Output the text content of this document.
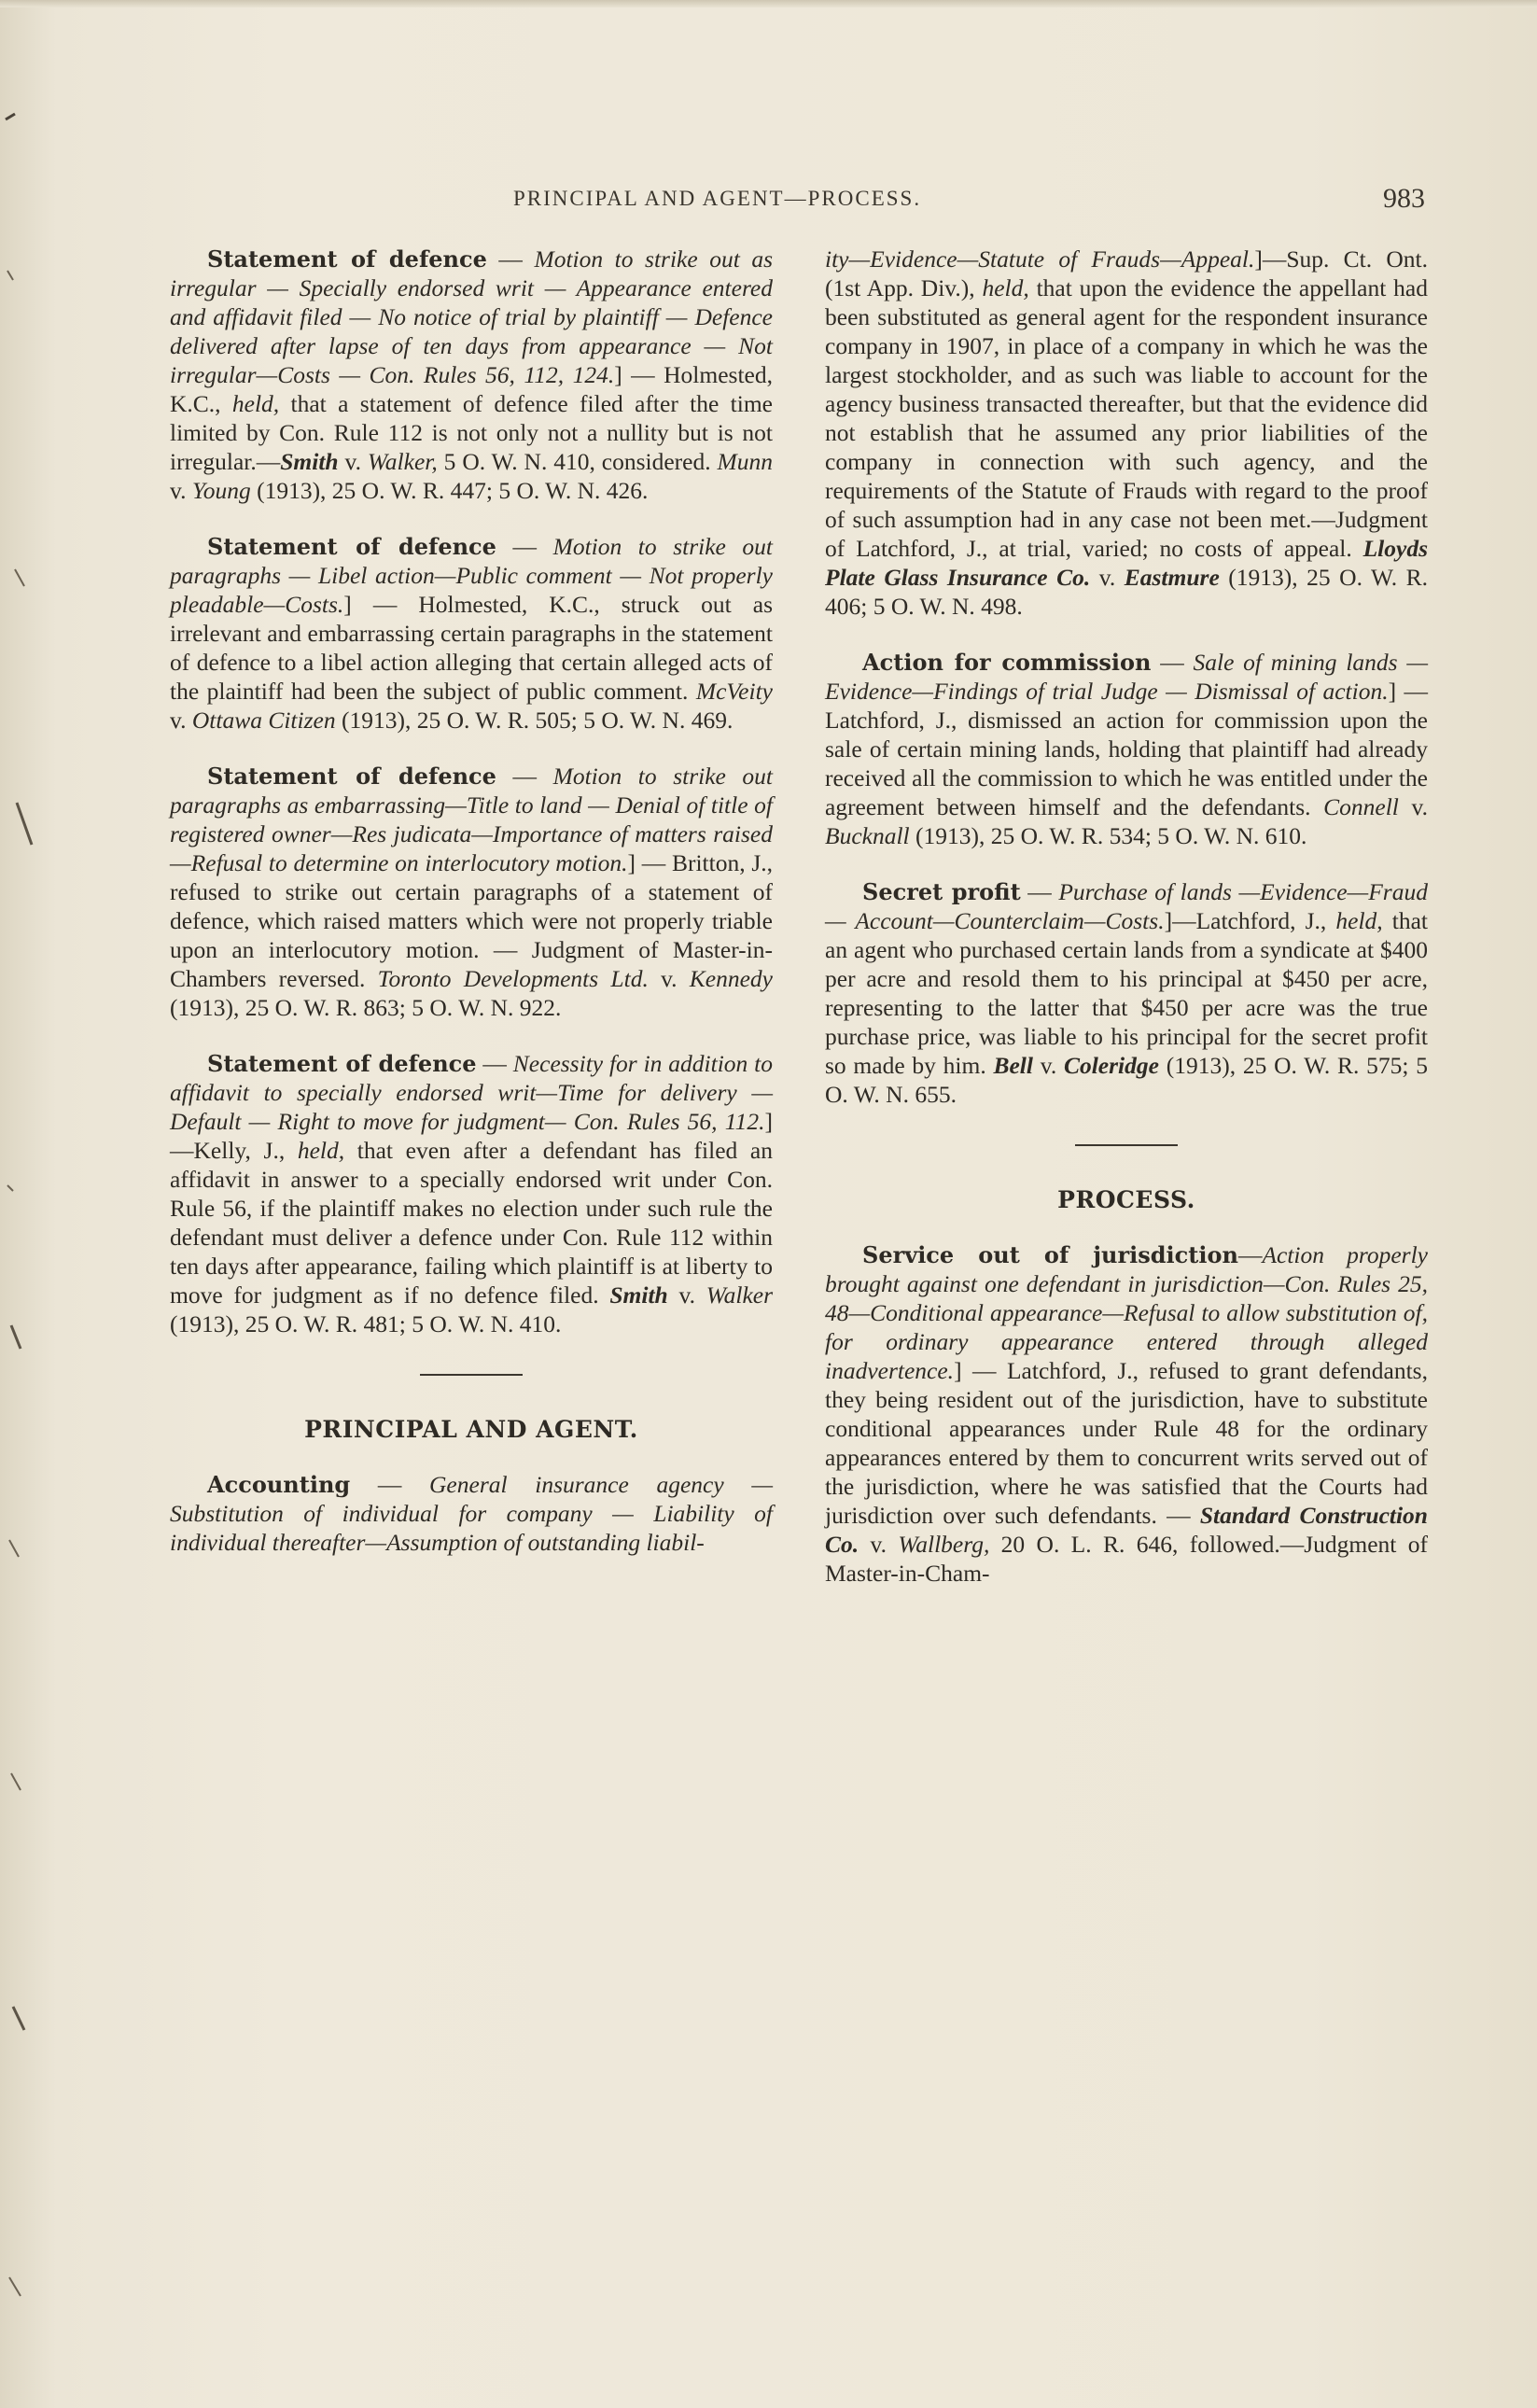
PRINCIPAL AND AGENT—PROCESS.	983

Statement of defence — Motion to strike out as irregular — Specially endorsed writ — Appearance entered and affidavit filed — No notice of trial by plaintiff — Defence delivered after lapse of ten days from appearance — Not irregular—Costs — Con. Rules 56, 112, 124.] — Holmested, K.C., held, that a statement of defence filed after the time limited by Con. Rule 112 is not only not a nullity but is not irregular.—Smith v. Walker, 5 O. W. N. 410, considered. Munn v. Young (1913), 25 O. W. R. 447; 5 O. W. N. 426.

Statement of defence — Motion to strike out paragraphs — Libel action—Public comment — Not properly pleadable—Costs.] — Holmested, K.C., struck out as irrelevant and embarrassing certain paragraphs in the statement of defence to a libel action alleging that certain alleged acts of the plaintiff had been the subject of public comment. McVeity v. Ottawa Citizen (1913), 25 O. W. R. 505; 5 O. W. N. 469.

Statement of defence — Motion to strike out paragraphs as embarrassing—Title to land — Denial of title of registered owner—Res judicata—Importance of matters raised—Refusal to determine on interlocutory motion.] — Britton, J., refused to strike out certain paragraphs of a statement of defence, which raised matters which were not properly triable upon an interlocutory motion. — Judgment of Master-in-Chambers reversed. Toronto Developments Ltd. v. Kennedy (1913), 25 O. W. R. 863; 5 O. W. N. 922.

Statement of defence — Necessity for in addition to affidavit to specially endorsed writ—Time for delivery — Default — Right to move for judgment— Con. Rules 56, 112.]—Kelly, J., held, that even after a defendant has filed an affidavit in answer to a specially endorsed writ under Con. Rule 56, if the plaintiff makes no election under such rule the defendant must deliver a defence under Con. Rule 112 within ten days after appearance, failing which plaintiff is at liberty to move for judgment as if no defence filed. Smith v. Walker (1913), 25 O. W. R. 481; 5 O. W. N. 410.

PRINCIPAL AND AGENT.

Accounting — General insurance agency — Substitution of individual for company — Liability of individual thereafter—Assumption of outstanding liabil-

ity—Evidence—Statute of Frauds—Appeal.]—Sup. Ct. Ont. (1st App. Div.), held, that upon the evidence the appellant had been substituted as general agent for the respondent insurance company in 1907, in place of a company in which he was the largest stockholder, and as such was liable to account for the agency business transacted thereafter, but that the evidence did not establish that he assumed any prior liabilities of the company in connection with such agency, and the requirements of the Statute of Frauds with regard to the proof of such assumption had in any case not been met.—Judgment of Latchford, J., at trial, varied; no costs of appeal. Lloyds Plate Glass Insurance Co. v. Eastmure (1913), 25 O. W. R. 406; 5 O. W. N. 498.

Action for commission — Sale of mining lands — Evidence—Findings of trial Judge — Dismissal of action.] — Latchford, J., dismissed an action for commission upon the sale of certain mining lands, holding that plaintiff had already received all the commission to which he was entitled under the agreement between himself and the defendants. Connell v. Bucknall (1913), 25 O. W. R. 534; 5 O. W. N. 610.

Secret profit — Purchase of lands —Evidence—Fraud — Account—Counterclaim—Costs.]—Latchford, J., held, that an agent who purchased certain lands from a syndicate at $400 per acre and resold them to his principal at $450 per acre, representing to the latter that $450 per acre was the true purchase price, was liable to his principal for the secret profit so made by him. Bell v. Coleridge (1913), 25 O. W. R. 575; 5 O. W. N. 655.

PROCESS.

Service out of jurisdiction—Action properly brought against one defendant in jurisdiction—Con. Rules 25, 48—Conditional appearance—Refusal to allow substitution of, for ordinary appearance entered through alleged inadvertence.] — Latchford, J., refused to grant defendants, they being resident out of the jurisdiction, have to substitute conditional appearances under Rule 48 for the ordinary appearances entered by them to concurrent writs served out of the jurisdiction, where he was satisfied that the Courts had jurisdiction over such defendants. — Standard Construction Co. v. Wallberg, 20 O. L. R. 646, followed.—Judgment of Master-in-Cham-
